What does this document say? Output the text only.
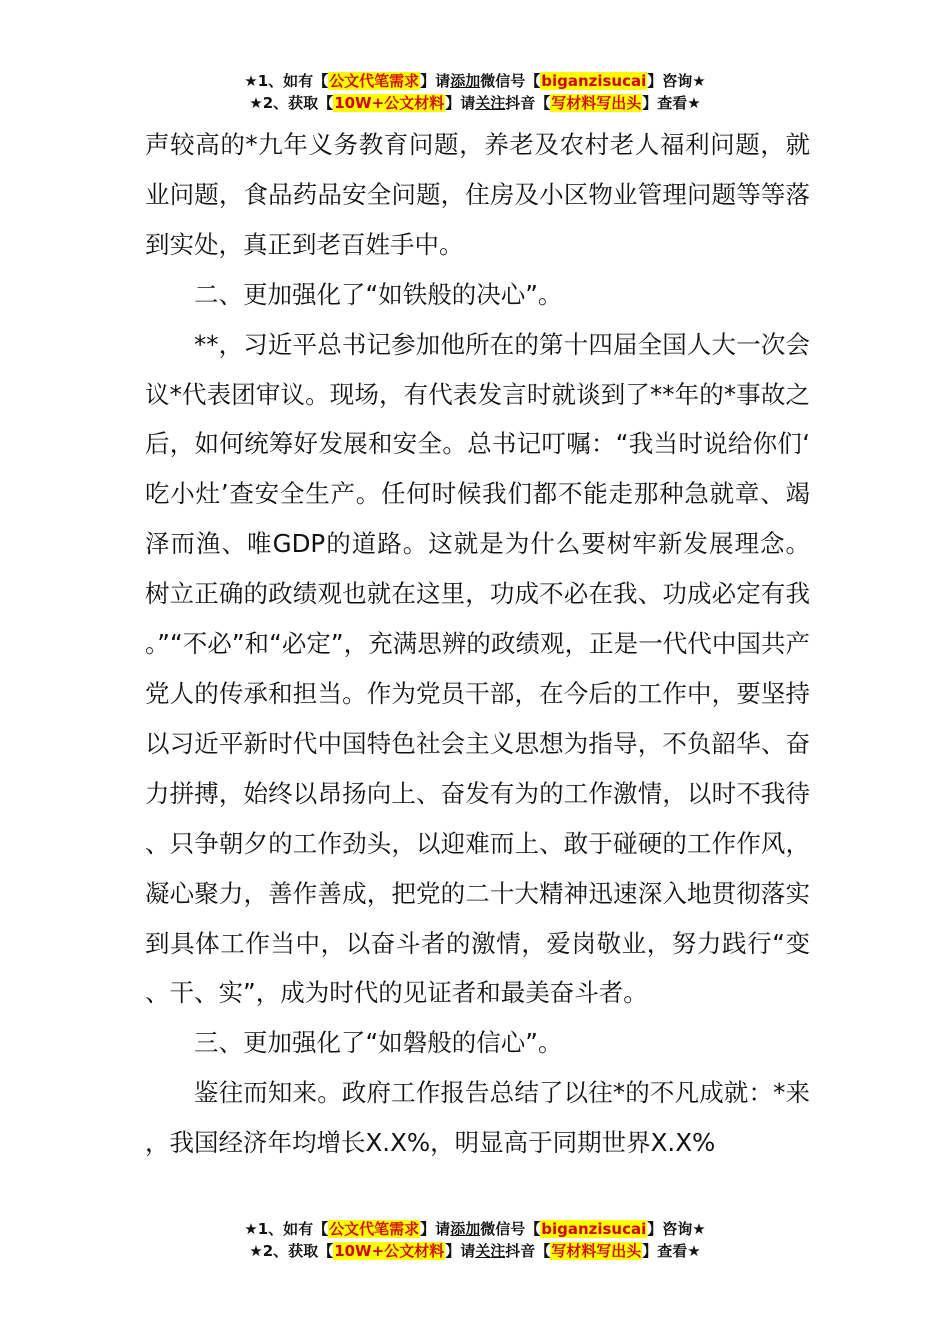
★1、如有【公文代笔需求】请添加微信号【biganzisucai】咨询★
★2、获取【10W+公文材料】请关注抖音【写材料写出头】查看★

声较高的*九年义务教育问题，养老及农村老人福利问题，就业问题，食品药品安全问题，住房及小区物业管理问题等等落到实处，真正到老百姓手中。

二、更加强化了“如铁般的决心”。

**，习近平总书记参加他所在的第十四届全国人大一次会议*代表团审议。现场，有代表发言时就谈到了**年的*事故之后，如何统筹好发展和安全。总书记叮嘱：“我当时说给你们‘吃小灶’查安全生产。任何时候我们都不能走那种急就章、竭泽而渔、唯GDP的道路。这就是为什么要树牢新发展理念。树立正确的政绩观也就在这里，功成不必在我、功成必定有我。”“不必”和“必定”，充满思辨的政绩观，正是一代代中国共产党人的传承和担当。作为党员干部，在今后的工作中，要坚持以习近平新时代中国特色社会主义思想为指导，不负韶华、奋力拼搏，始终以昂扬向上、奋发有为的工作激情，以时不我待、只争朝夕的工作劲头，以迎难而上、敢于碰硬的工作作风，凝心聚力，善作善成，把党的二十大精神迅速深入地贯彻落实到具体工作当中，以奋斗者的激情，爱岗敬业，努力践行“变、干、实”，成为时代的见证者和最美奋斗者。

三、更加强化了“如磐般的信心”。

鉴往而知来。政府工作报告总结了以往*的不凡成就：*来，我国经济年均增长X.X%，明显高于同期世界X.X%

★1、如有【公文代笔需求】请添加微信号【biganzisucai】咨询★
★2、获取【10W+公文材料】请关注抖音【写材料写出头】查看★
